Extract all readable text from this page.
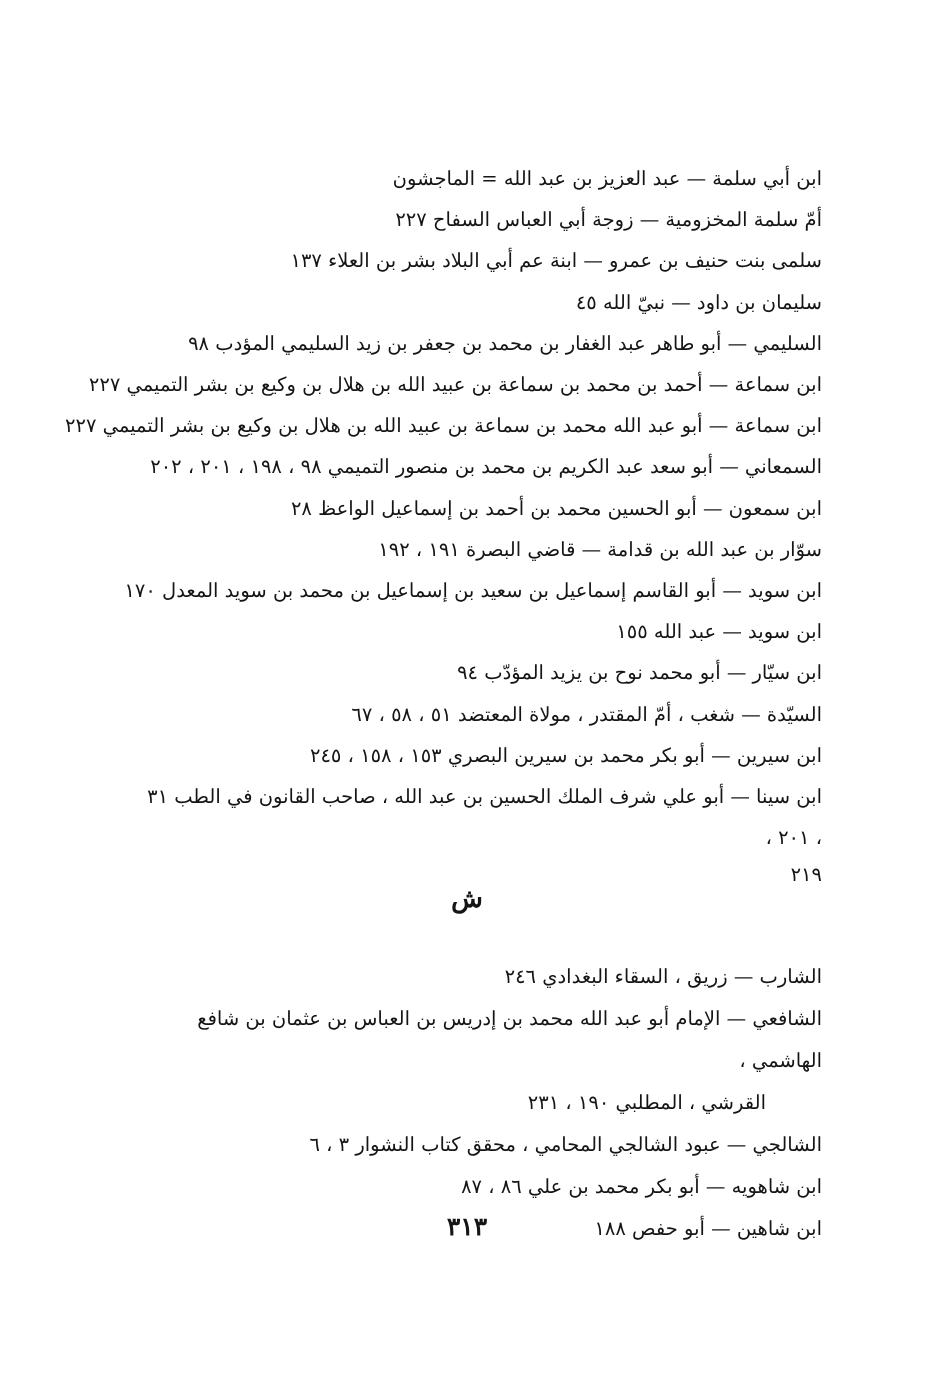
ابن أبي سلمة — عبد العزيز بن عبد الله = الماجشون
أمّ سلمة المخزومية — زوجة أبي العباس السفاح ٢٢٧
سلمى بنت حنيف بن عمرو — ابنة عم أبي البلاد بشر بن العلاء ١٣٧
سليمان بن داود — نبيّ الله ٤٥
السليمي — أبو طاهر عبد الغفار بن محمد بن جعفر بن زيد السليمي المؤدب ٩٨
ابن سماعة — أحمد بن محمد بن سماعة بن عبيد الله بن هلال بن وكيع بن بشر التميمي ٢٢٧
ابن سماعة — أبو عبد الله محمد بن سماعة بن عبيد الله بن هلال بن وكيع بن بشر التميمي ٢٢٧
السمعاني — أبو سعد عبد الكريم بن محمد بن منصور التميمي ٩٨ ، ١٩٨ ، ٢٠١ ، ٢٠٢
ابن سمعون — أبو الحسين محمد بن أحمد بن إسماعيل الواعظ ٢٨
سوّار بن عبد الله بن قدامة — قاضي البصرة ١٩١ ، ١٩٢
ابن سويد — أبو القاسم إسماعيل بن سعيد بن إسماعيل بن محمد بن سويد المعدل ١٧٠
ابن سويد — عبد الله ١٥٥
ابن سيّار — أبو محمد نوح بن يزيد المؤدّب ٩٤
السيّدة — شغب ، أمّ المقتدر ، مولاة المعتضد ٥١ ، ٥٨ ، ٦٧
ابن سيرين — أبو بكر محمد بن سيرين البصري ١٥٣ ، ١٥٨ ، ٢٤٥
ابن سينا — أبو علي شرف الملك الحسين بن عبد الله ، صاحب القانون في الطب ٣١ ، ٢٠١ ،
٢١٩
ش
الشارب — زريق ، السقاء البغدادي ٢٤٦
الشافعي — الإمام أبو عبد الله محمد بن إدريس بن العباس بن عثمان بن شافع الهاشمي ،
القرشي ، المطلبي ١٩٠ ، ٢٣١
الشالجي — عبود الشالجي المحامي ، محقق كتاب النشوار ٣ ، ٦
ابن شاهويه — أبو بكر محمد بن علي ٨٦ ، ٨٧
ابن شاهين — أبو حفص ١٨٨
٣١٣
